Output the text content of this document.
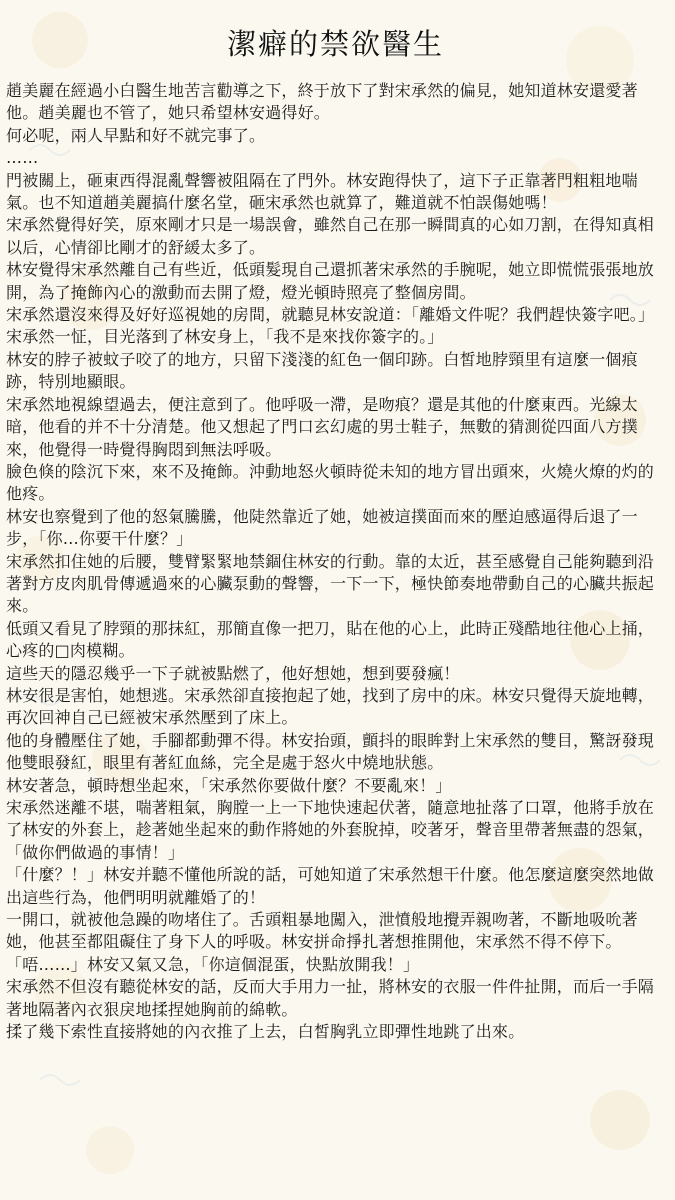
潔癖的禁欲醫生

趙美麗在經過小白醫生地苦言勸導之下，終于放下了對宋承然的偏見，她知道林安還愛著他。趙美麗也不管了，她只希望林安過得好。

何必呢，兩人早點和好不就完事了。

……

門被關上，砸東西得混亂聲響被阻隔在了門外。林安跑得快了，這下子正靠著門粗粗地喘氣。也不知道趙美麗搞什麼名堂，砸宋承然也就算了，難道就不怕誤傷她嗎！

宋承然覺得好笑，原來剛才只是一場誤會，雖然自己在那一瞬間真的心如刀割，在得知真相以后，心情卻比剛才的舒緩太多了。

林安覺得宋承然離自己有些近，低頭髮現自己還抓著宋承然的手腕呢，她立即慌慌張張地放開，為了掩飾內心的激動而去開了燈，燈光頓時照亮了整個房間。

宋承然還沒來得及好好巡視她的房間，就聽見林安說道：「離婚文件呢？我們趕快簽字吧。」

宋承然一怔，目光落到了林安身上，「我不是來找你簽字的。」

林安的脖子被蚊子咬了的地方，只留下淺淺的紅色一個印跡。白皙地脖頸里有這麼一個痕跡，特別地顯眼。

宋承然地視線望過去，便注意到了。他呼吸一滯，是吻痕？還是其他的什麼東西。光線太暗，他看的并不十分清楚。他又想起了門口玄幻處的男士鞋子，無數的猜測從四面八方撲來，他覺得一時覺得胸悶到無法呼吸。

臉色倏的陰沉下來，來不及掩飾。沖動地怒火頓時從未知的地方冒出頭來，火燒火燎的灼的他疼。

林安也察覺到了他的怒氣騰騰，他陡然靠近了她，她被這撲面而來的壓迫感逼得后退了一步，「你…你要干什麼？」

宋承然扣住她的后腰，雙臂緊緊地禁錮住林安的行動。靠的太近，甚至感覺自己能夠聽到沿著對方皮肉肌骨傳遞過來的心臟泵動的聲響，一下一下，極快節奏地帶動自己的心臟共振起來。

低頭又看見了脖頸的那抹紅，那簡直像一把刀，貼在他的心上，此時正殘酷地往他心上捅，心疼的□肉模糊。

這些天的隱忍幾乎一下子就被點燃了，他好想她，想到要發瘋！

林安很是害怕，她想逃。宋承然卻直接抱起了她，找到了房中的床。林安只覺得天旋地轉，再次回神自己已經被宋承然壓到了床上。

他的身體壓住了她，手腳都動彈不得。林安抬頭，顫抖的眼眸對上宋承然的雙目，驚訝發現他雙眼發紅，眼里有著紅血絲，完全是處于怒火中燒地狀態。

林安著急，頓時想坐起來，「宋承然你要做什麼？不要亂來！」

宋承然迷離不堪，喘著粗氣，胸膛一上一下地快速起伏著，隨意地扯落了口罩，他將手放在了林安的外套上，趁著她坐起來的動作將她的外套脫掉，咬著牙，聲音里帶著無盡的怨氣，「做你們做過的事情！」

「什麼？！」林安并聽不懂他所說的話，可她知道了宋承然想干什麼。他怎麼這麼突然地做出這些行為，他們明明就離婚了的！

一開口，就被他急躁的吻堵住了。舌頭粗暴地闖入，泄憤般地攪弄親吻著，不斷地吸吮著她，他甚至都阻礙住了身下人的呼吸。林安拼命掙扎著想推開他，宋承然不得不停下。

「唔……」林安又氣又急，「你這個混蛋，快點放開我！」

宋承然不但沒有聽從林安的話，反而大手用力一扯，將林安的衣服一件件扯開，而后一手隔著地隔著內衣狠戾地揉捏她胸前的綿軟。

揉了幾下索性直接將她的內衣推了上去，白皙胸乳立即彈性地跳了出來。
